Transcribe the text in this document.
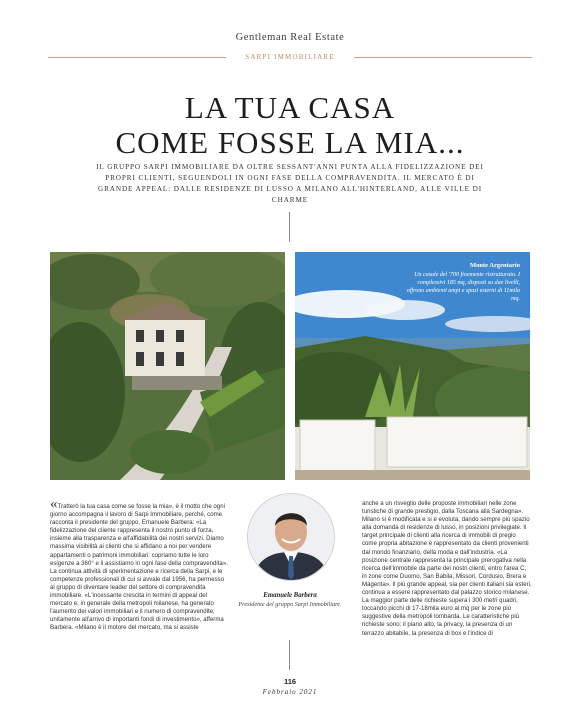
Gentleman Real Estate
SARPI IMMOBILIARE
LA TUA CASA
COME FOSSE LA MIA...
IL GRUPPO SARPI IMMOBILIARE DA OLTRE SESSANT'ANNI PUNTA ALLA FIDELIZZAZIONE DEI PROPRI CLIENTI, SEGUENDOLI IN OGNI FASE DELLA COMPRAVENDITA. IL MERCATO È DI GRANDE APPEAL: DALLE RESIDENZE DI LUSSO A MILANO ALL'HINTERLAND, ALLE VILLE DI CHARME
Monte Argentario
Un casale del '700 finemente ristrutturato. I complessivi 185 mq, disposti su due livelli, offrono ambienti ampi e spazi esterni di 11mila mq.
«Tratterò la tua casa come se fosse la mia», è il motto che ogni giorno accompagna il lavoro di Sarpi Immobiliare, perché, come racconta il presidente del gruppo, Emanuele Barbera: «La fidelizzazione del cliente rappresenta il nostro punto di forza, insieme alla trasparenza e all'affidabilità dei nostri servizi. Diamo massima visibilità ai clienti che si affidano a noi per vendere appartamenti o patrimoni immobiliari: copriamo tutte le loro esigenze a 360° e li assistiamo in ogni fase della compravendita». La continua attività di sperimentazione e ricerca della Sarpi, e le competenze professionali di cui si avvale dal 1956, ha permesso al gruppo di diventare leader del settore di compravendita immobiliare. «L'incessante crescita in termini di appeal del mercato e, in generale della metropoli milanese, ha generato l'aumento dei valori immobiliari e il numero di compravendite, unitamente all'arrivo di importanti fondi di investimento», afferma Barbera. «Milano è il motore del mercato, ma si assiste
Emanuele Barbera
Presidente del gruppo Sarpi Immobiliare.
anche a un risveglio delle proposte immobiliari nelle zone turistiche di grande prestigio, dalla Toscana alla Sardegna». Milano si è modificata e si è evoluta, dando sempre più spazio alla domanda di residenze di lusso, in posizioni privilegiate. Il target principale di clienti alla ricerca di immobili di pregio come propria abitazione è rappresentato da clienti provenienti dal mondo finanziario, della moda e dall'industria. «La posizione centrale rappresenta la principale prerogativa nella ricerca dell'immobile da parte dei nostri clienti, entro l'area C, in zone come Duomo, San Babila, Missori, Cordusio, Brera e Magenta». Il più grande appeal, sia per clienti italiani sia esteri, continua a essere rappresentato dal palazzo storico milanese. La maggior parte delle richieste supera i 300 metri quadri, toccando picchi di 17-18mila euro al mq per le zone più suggestive della metropoli lombarda. Le caratteristiche più richieste sono: il piano alto, la privacy, la presenza di un terrazzo abitabile, la presenza di box e l'indice di
116
Febbraio 2021
